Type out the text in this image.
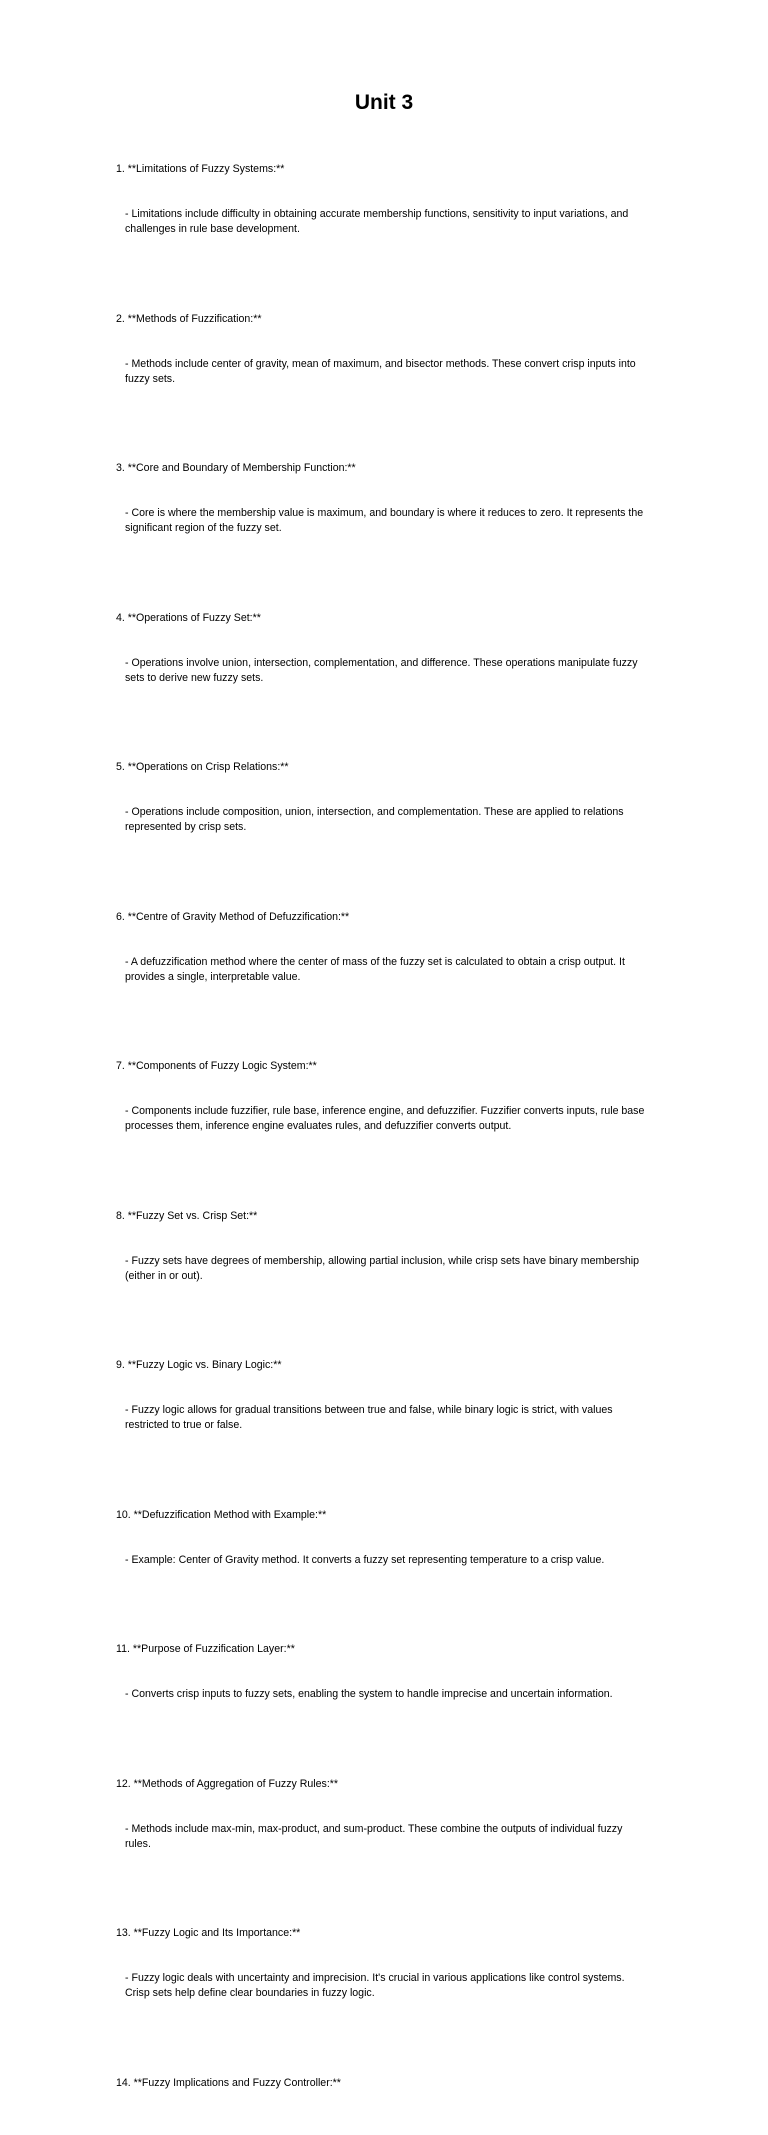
Unit 3

1. **Limitations of Fuzzy Systems:**

- Limitations include difficulty in obtaining accurate membership functions, sensitivity to input variations, and challenges in rule base development.

2. **Methods of Fuzzification:**

- Methods include center of gravity, mean of maximum, and bisector methods. These convert crisp inputs into fuzzy sets.

3. **Core and Boundary of Membership Function:**

- Core is where the membership value is maximum, and boundary is where it reduces to zero. It represents the significant region of the fuzzy set.

4. **Operations of Fuzzy Set:**

- Operations involve union, intersection, complementation, and difference. These operations manipulate fuzzy sets to derive new fuzzy sets.

5. **Operations on Crisp Relations:**

- Operations include composition, union, intersection, and complementation. These are applied to relations represented by crisp sets.

6. **Centre of Gravity Method of Defuzzification:**

- A defuzzification method where the center of mass of the fuzzy set is calculated to obtain a crisp output. It provides a single, interpretable value.

7. **Components of Fuzzy Logic System:**

- Components include fuzzifier, rule base, inference engine, and defuzzifier. Fuzzifier converts inputs, rule base processes them, inference engine evaluates rules, and defuzzifier converts output.

8. **Fuzzy Set vs. Crisp Set:**

- Fuzzy sets have degrees of membership, allowing partial inclusion, while crisp sets have binary membership (either in or out).

9. **Fuzzy Logic vs. Binary Logic:**

- Fuzzy logic allows for gradual transitions between true and false, while binary logic is strict, with values restricted to true or false.

10. **Defuzzification Method with Example:**

- Example: Center of Gravity method. It converts a fuzzy set representing temperature to a crisp value.

11. **Purpose of Fuzzification Layer:**

- Converts crisp inputs to fuzzy sets, enabling the system to handle imprecise and uncertain information.

12. **Methods of Aggregation of Fuzzy Rules:**

- Methods include max-min, max-product, and sum-product. These combine the outputs of individual fuzzy rules.

13. **Fuzzy Logic and Its Importance:**

- Fuzzy logic deals with uncertainty and imprecision. It's crucial in various applications like control systems. Crisp sets help define clear boundaries in fuzzy logic.

14. **Fuzzy Implications and Fuzzy Controller:**
